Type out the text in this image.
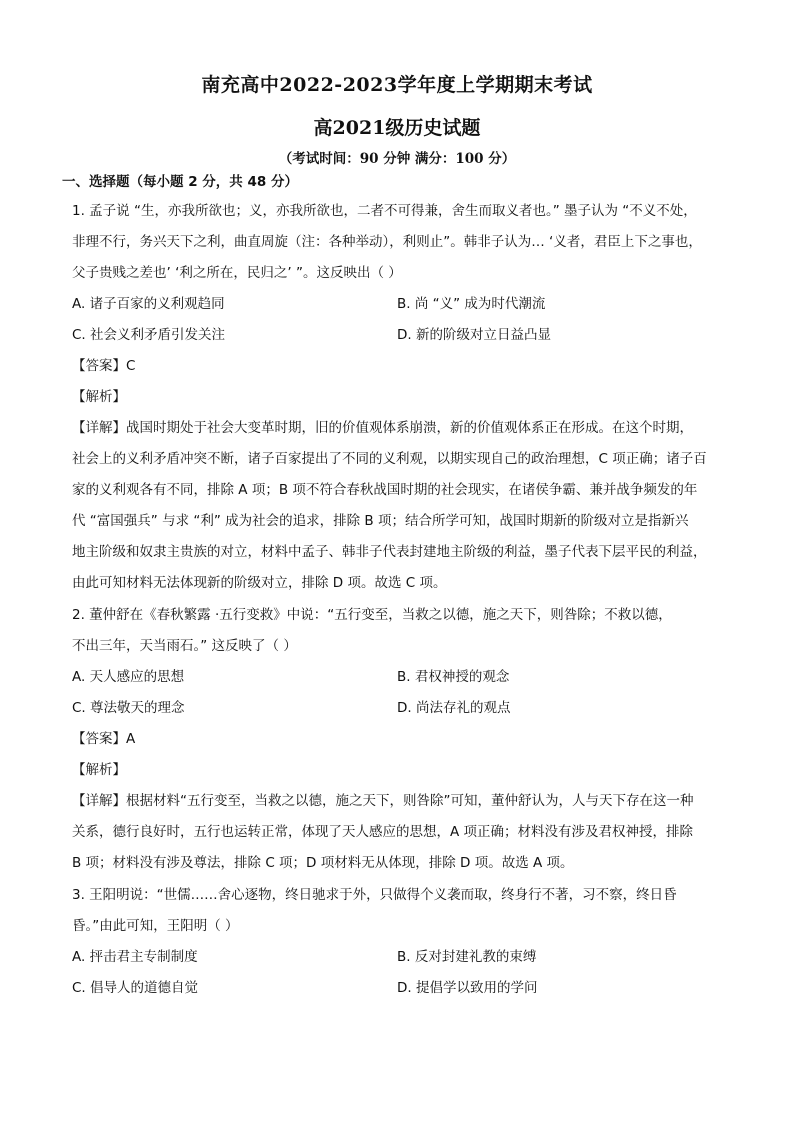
南充高中2022-2023学年度上学期期末考试
高2021级历史试题
（考试时间：90 分钟 满分：100 分）
一、选择题（每小题 2 分，共 48 分）
1. 孟子说 “生，亦我所欲也；义，亦我所欲也，二者不可得兼，舍生而取义者也。” 墨子认为 “不义不处，
非理不行，务兴天下之利，曲直周旋（注：各种举动），利则止”。韩非子认为… ‘义者，君臣上下之事也，
父子贵贱之差也’ ‘利之所在，民归之’ ”。这反映出（ ）
A. 诸子百家的义利观趋同	B. 尚 “义” 成为时代潮流
C. 社会义利矛盾引发关注	D. 新的阶级对立日益凸显
【答案】C
【解析】
【详解】战国时期处于社会大变革时期，旧的价值观体系崩溃，新的价值观体系正在形成。在这个时期，
社会上的义利矛盾冲突不断，诸子百家提出了不同的义利观，以期实现自己的政治理想，C 项正确；诸子百
家的义利观各有不同，排除 A 项；B 项不符合春秋战国时期的社会现实，在诸侯争霸、兼并战争频发的年
代 “富国强兵” 与求 “利” 成为社会的追求，排除 B 项；结合所学可知，战国时期新的阶级对立是指新兴
地主阶级和奴隶主贵族的对立，材料中孟子、韩非子代表封建地主阶级的利益，墨子代表下层平民的利益，
由此可知材料无法体现新的阶级对立，排除 D 项。故选 C 项。
2. 董仲舒在《春秋繁露 ·五行变救》中说：“五行变至，当救之以德，施之天下，则咎除；不救以德，
不出三年，天当雨石。” 这反映了（ ）
A. 天人感应的思想	B. 君权神授的观念
C. 尊法敬天的理念	D. 尚法存礼的观点
【答案】A
【解析】
【详解】根据材料“五行变至，当救之以德，施之天下，则咎除”可知，董仲舒认为，人与天下存在这一种
关系，德行良好时，五行也运转正常，体现了天人感应的思想，A 项正确；材料没有涉及君权神授，排除
B 项；材料没有涉及尊法，排除 C 项；D 项材料无从体现，排除 D 项。故选 A 项。
3. 王阳明说：“世儒……舍心逐物，终日驰求于外，只做得个义袭而取，终身行不著，习不察，终日昏
昏。”由此可知，王阳明（ ）
A. 抨击君主专制制度	B. 反对封建礼教的束缚
C. 倡导人的道德自觉	D. 提倡学以致用的学问
